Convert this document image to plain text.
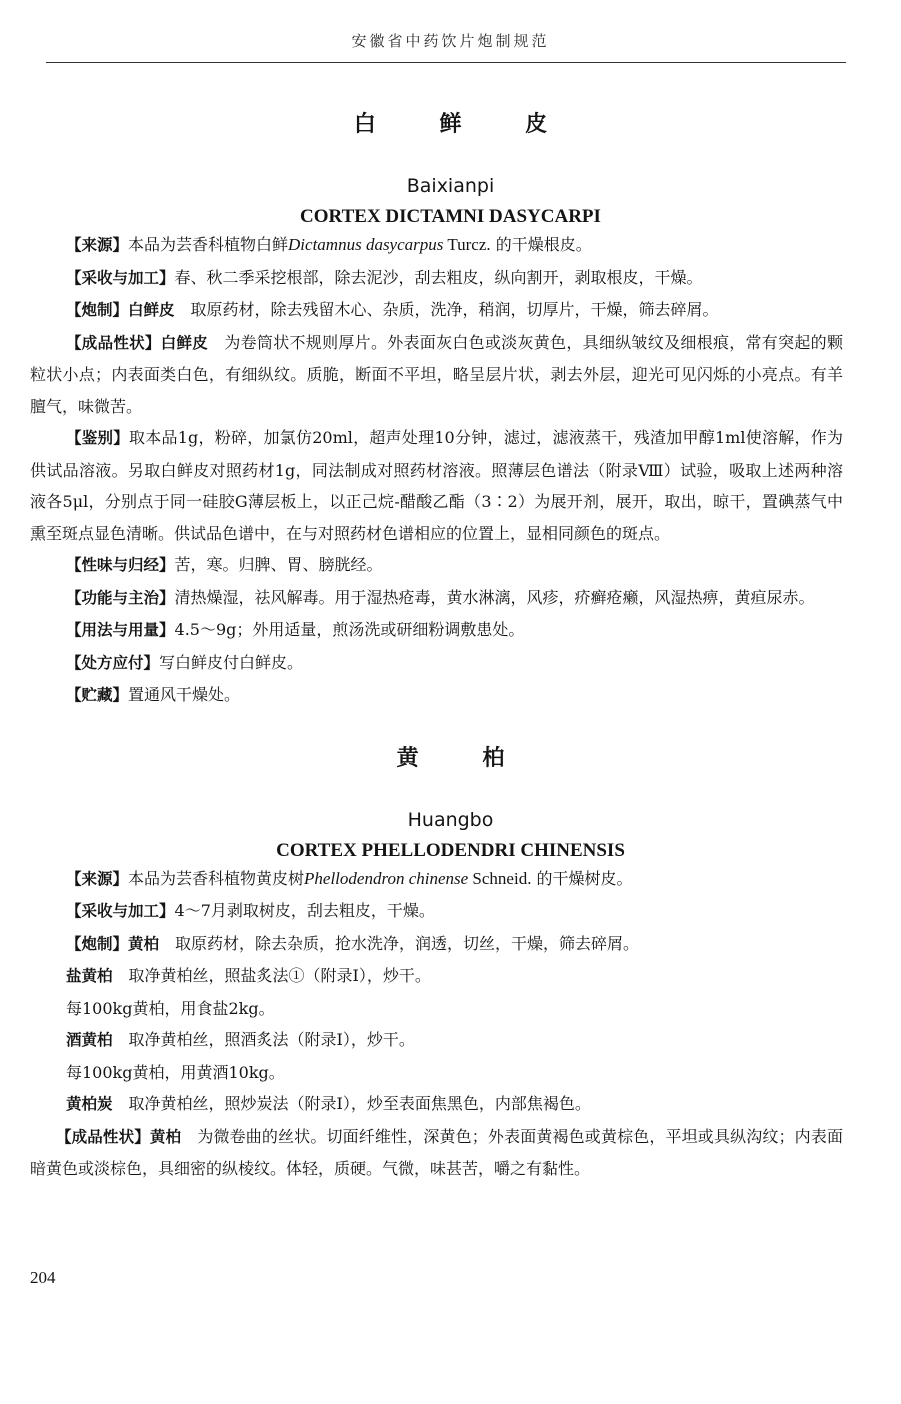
安徽省中药饮片炮制规范
白 鲜 皮
Baixianpi
CORTEX DICTAMNI DASYCARPI

【来源】本品为芸香科植物白鲜Dictamnus dasycarpus Turcz. 的干燥根皮。

【采收与加工】春、秋二季采挖根部，除去泥沙，刮去粗皮，纵向割开，剥取根皮，干燥。

【炮制】白鲜皮　取原药材，除去残留木心、杂质，洗净，稍润，切厚片，干燥，筛去碎屑。

【成品性状】白鲜皮　为卷筒状不规则厚片。外表面灰白色或淡灰黄色，具细纵皱纹及细根痕，常有突起的颗粒状小点；内表面类白色，有细纵纹。质脆，断面不平坦，略呈层片状，剥去外层，迎光可见闪烁的小亮点。有羊膻气，味微苦。

【鉴别】取本品1g，粉碎，加氯仿20ml，超声处理10分钟，滤过，滤液蒸干，残渣加甲醇1ml使溶解，作为供试品溶液。另取白鲜皮对照药材1g，同法制成对照药材溶液。照薄层色谱法（附录Ⅷ）试验，吸取上述两种溶液各5μl，分别点于同一硅胶G薄层板上，以正己烷-醋酸乙酯（3∶2）为展开剂，展开，取出，晾干，置碘蒸气中熏至斑点显色清晰。供试品色谱中，在与对照药材色谱相应的位置上，显相同颜色的斑点。

【性味与归经】苦，寒。归脾、胃、膀胱经。

【功能与主治】清热燥湿，祛风解毒。用于湿热疮毒，黄水淋漓，风疹，疥癣疮癞，风湿热痹，黄疸尿赤。

【用法与用量】4.5～9g；外用适量，煎汤洗或研细粉调敷患处。

【处方应付】写白鲜皮付白鲜皮。

【贮藏】置通风干燥处。

黄 柏
Huangbo
CORTEX PHELLODENDRI CHINENSIS

【来源】本品为芸香科植物黄皮树Phellodendron chinense Schneid. 的干燥树皮。

【采收与加工】4～7月剥取树皮，刮去粗皮，干燥。

【炮制】黄柏　取原药材，除去杂质，抢水洗净，润透，切丝，干燥，筛去碎屑。

盐黄柏　取净黄柏丝，照盐炙法①（附录Ⅰ），炒干。

每100kg黄柏，用食盐2kg。

酒黄柏　取净黄柏丝，照酒炙法（附录Ⅰ），炒干。

每100kg黄柏，用黄酒10kg。

黄柏炭　取净黄柏丝，照炒炭法（附录Ⅰ），炒至表面焦黑色，内部焦褐色。

【成品性状】黄柏　为微卷曲的丝状。切面纤维性，深黄色；外表面黄褐色或黄棕色，平坦或具纵沟纹；内表面暗黄色或淡棕色，具细密的纵棱纹。体轻，质硬。气微，味甚苦，嚼之有黏性。

204
